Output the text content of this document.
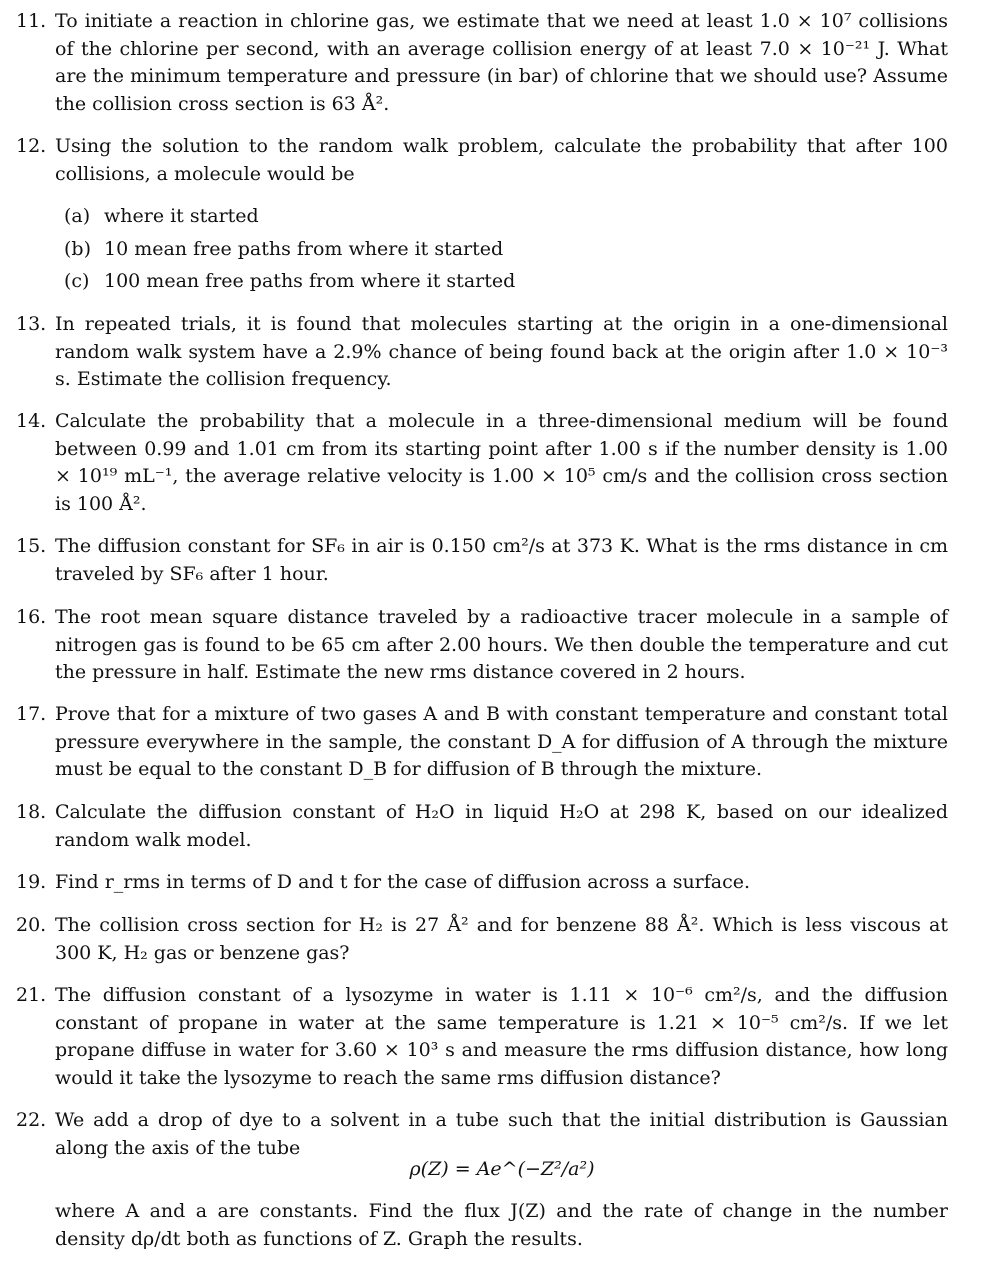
11. To initiate a reaction in chlorine gas, we estimate that we need at least 1.0 × 10⁷ collisions of the chlorine per second, with an average collision energy of at least 7.0 × 10⁻²¹ J. What are the minimum temperature and pressure (in bar) of chlorine that we should use? Assume the collision cross section is 63 Å².
12. Using the solution to the random walk problem, calculate the probability that after 100 collisions, a molecule would be
(a) where it started
(b) 10 mean free paths from where it started
(c) 100 mean free paths from where it started
13. In repeated trials, it is found that molecules starting at the origin in a one-dimensional random walk system have a 2.9% chance of being found back at the origin after 1.0 × 10⁻³ s. Estimate the collision frequency.
14. Calculate the probability that a molecule in a three-dimensional medium will be found between 0.99 and 1.01 cm from its starting point after 1.00 s if the number density is 1.00 × 10¹⁹ mL⁻¹, the average relative velocity is 1.00 × 10⁵ cm/s and the collision cross section is 100 Å².
15. The diffusion constant for SF₆ in air is 0.150 cm²/s at 373 K. What is the rms distance in cm traveled by SF₆ after 1 hour.
16. The root mean square distance traveled by a radioactive tracer molecule in a sample of nitrogen gas is found to be 65 cm after 2.00 hours. We then double the temperature and cut the pressure in half. Estimate the new rms distance covered in 2 hours.
17. Prove that for a mixture of two gases A and B with constant temperature and constant total pressure everywhere in the sample, the constant D_A for diffusion of A through the mixture must be equal to the constant D_B for diffusion of B through the mixture.
18. Calculate the diffusion constant of H₂O in liquid H₂O at 298 K, based on our idealized random walk model.
19. Find r_rms in terms of D and t for the case of diffusion across a surface.
20. The collision cross section for H₂ is 27 Å² and for benzene 88 Å². Which is less viscous at 300 K, H₂ gas or benzene gas?
21. The diffusion constant of a lysozyme in water is 1.11 × 10⁻⁶ cm²/s, and the diffusion constant of propane in water at the same temperature is 1.21 × 10⁻⁵ cm²/s. If we let propane diffuse in water for 3.60 × 10³ s and measure the rms diffusion distance, how long would it take the lysozyme to reach the same rms diffusion distance?
22. We add a drop of dye to a solvent in a tube such that the initial distribution is Gaussian along the axis of the tube
ρ(Z) = Ae^(−Z²/a²)
where A and a are constants. Find the flux J(Z) and the rate of change in the number density dρ/dt both as functions of Z. Graph the results.
